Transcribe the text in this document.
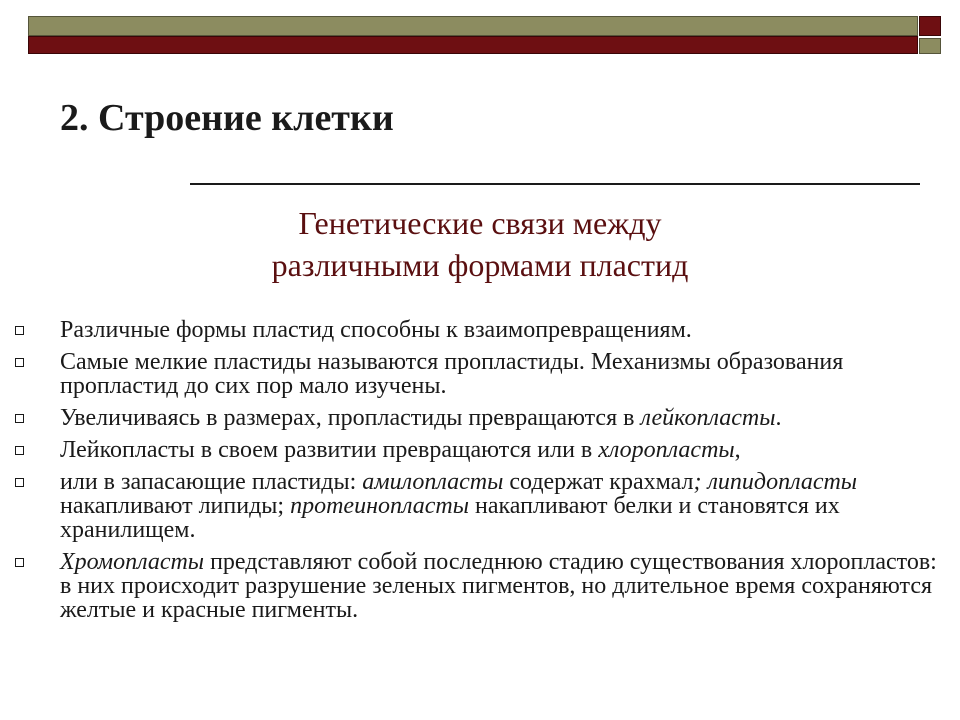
2. Строение клетки
Генетические связи между
различными формами пластид
Различные формы пластид способны к взаимопревращениям.
Самые мелкие пластиды называются пропластиды. Механизмы образования пропластид до сих пор мало изучены.
Увеличиваясь в размерах, пропластиды превращаются в лейкопласты.
Лейкопласты в своем развитии превращаются или в хлоропласты,
или в запасающие пластиды: амилопласты содержат крахмал; липидопласты накапливают липиды; протеинопласты накапливают белки и становятся их хранилищем.
Хромопласты представляют собой последнюю стадию существования хлоропластов: в них происходит разрушение зеленых пигментов, но длительное время сохраняются желтые и красные пигменты.
